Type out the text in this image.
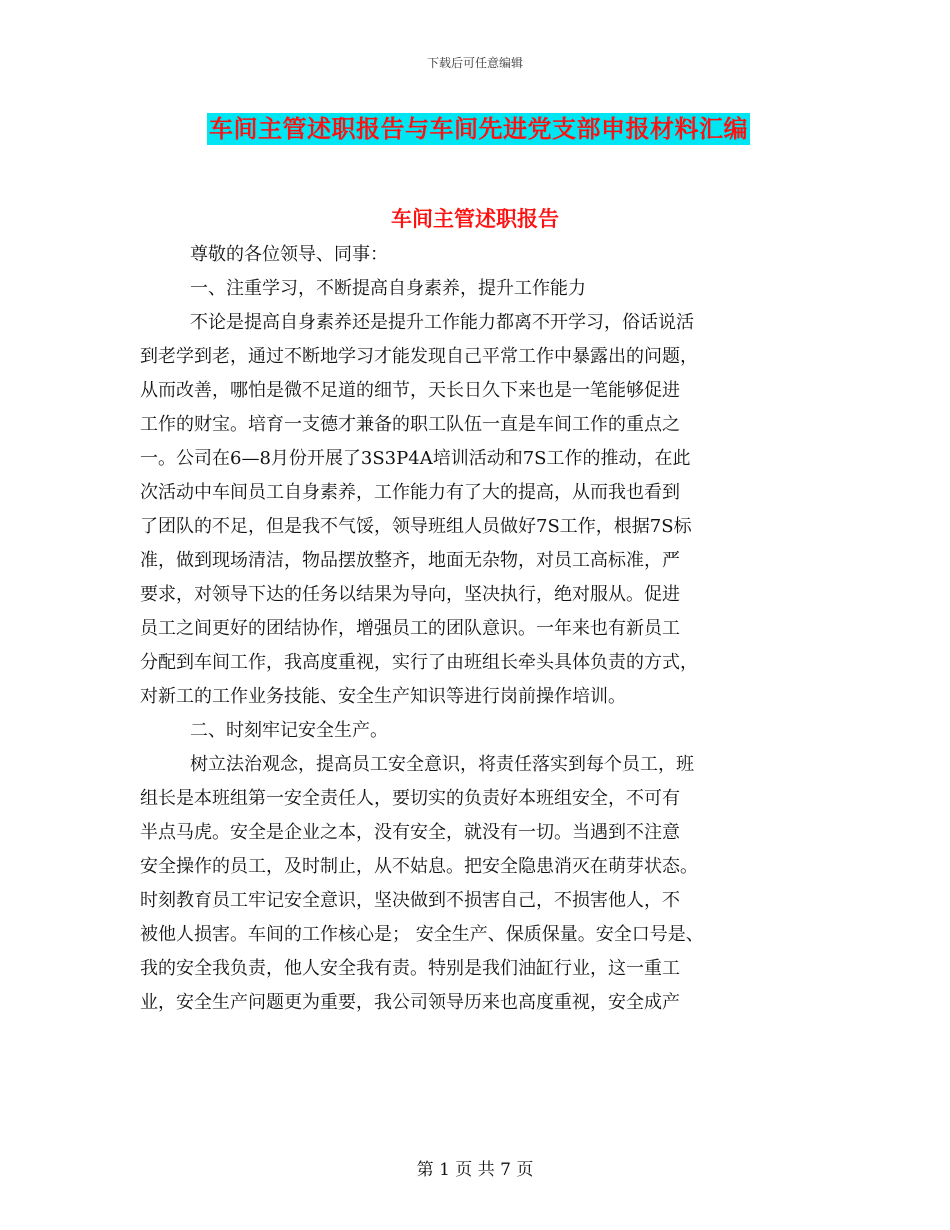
下载后可任意编辑
车间主管述职报告与车间先进党支部申报材料汇编
车间主管述职报告
尊敬的各位领导、同事：
一、注重学习，不断提高自身素养，提升工作能力
不论是提高自身素养还是提升工作能力都离不开学习，俗话说活
到老学到老，通过不断地学习才能发现自己平常工作中暴露出的问题，
从而改善，哪怕是微不足道的细节，天长日久下来也是一笔能够促进
工作的财宝。培育一支德才兼备的职工队伍一直是车间工作的重点之
一。公司在6—8月份开展了3S3P4A培训活动和7S工作的推动，在此
次活动中车间员工自身素养，工作能力有了大的提高，从而我也看到
了团队的不足，但是我不气馁，领导班组人员做好7S工作，根据7S标
准，做到现场清洁，物品摆放整齐，地面无杂物，对员工高标准，严
要求，对领导下达的任务以结果为导向，坚决执行，绝对服从。促进
员工之间更好的团结协作，增强员工的团队意识。一年来也有新员工
分配到车间工作，我高度重视，实行了由班组长牵头具体负责的方式，
对新工的工作业务技能、安全生产知识等进行岗前操作培训。
二、时刻牢记安全生产。
树立法治观念，提高员工安全意识，将责任落实到每个员工，班
组长是本班组第一安全责任人，要切实的负责好本班组安全，不可有
半点马虎。安全是企业之本，没有安全，就没有一切。当遇到不注意
安全操作的员工，及时制止，从不姑息。把安全隐患消灭在萌芽状态。
时刻教育员工牢记安全意识，坚决做到不损害自己，不损害他人，不
被他人损害。车间的工作核心是； 安全生产、保质保量。安全口号是、
我的安全我负责，他人安全我有责。特别是我们油缸行业，这一重工
业，安全生产问题更为重要，我公司领导历来也高度重视，安全成产
第 1 页 共 7 页
